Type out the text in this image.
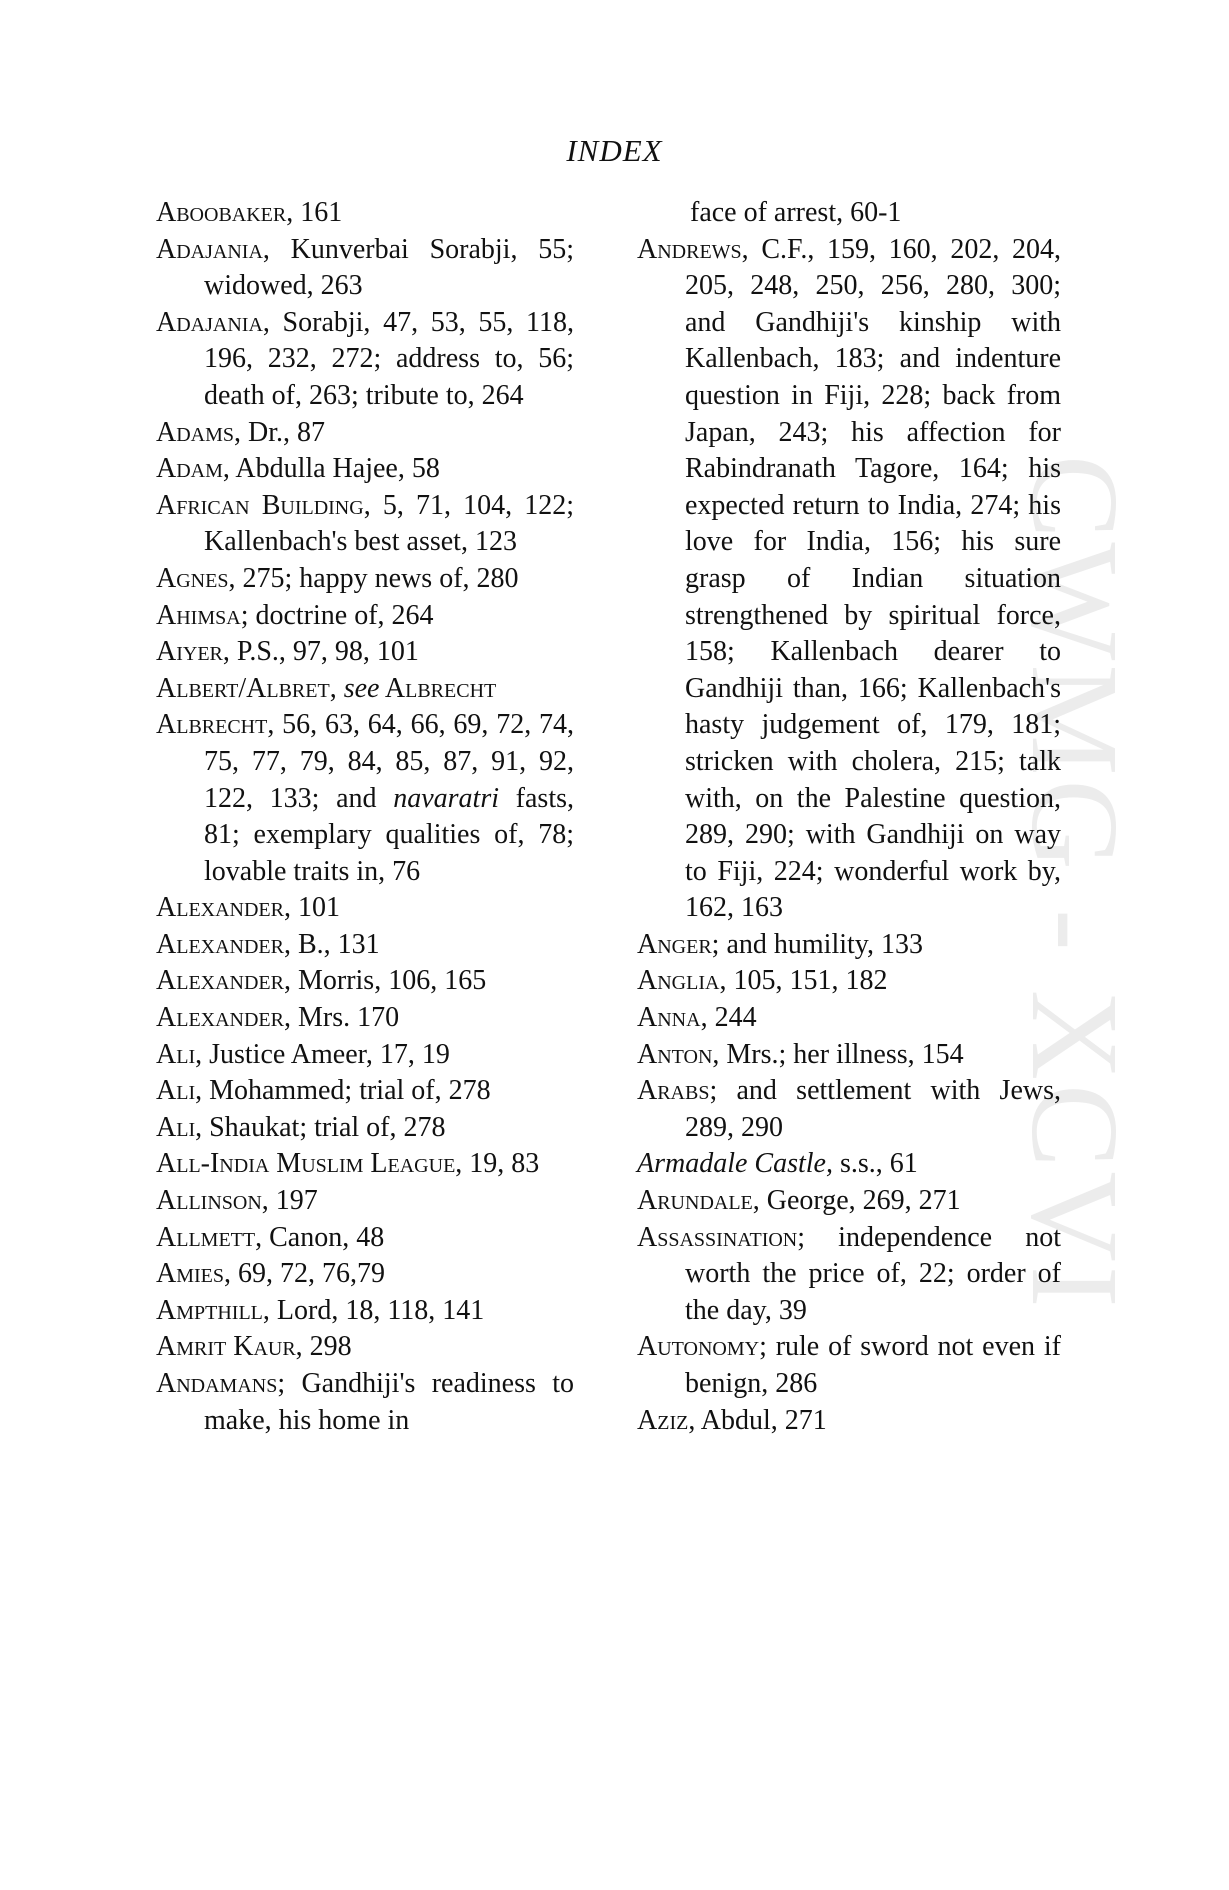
INDEX
CWMG - XCVI
Aboobaker, 161
Adajania, Kunverbai Sorabji, 55; widowed, 263
Adajania, Sorabji, 47, 53, 55, 118, 196, 232, 272; address to, 56; death of, 263; tribute to, 264
Adams, Dr., 87
Adam, Abdulla Hajee, 58
African Building, 5, 71, 104, 122; Kallenbach's best asset, 123
Agnes, 275; happy news of, 280
Ahimsa; doctrine of, 264
Aiyer, P.S., 97, 98, 101
Albert/Albret, see Albrecht
Albrecht, 56, 63, 64, 66, 69, 72, 74, 75, 77, 79, 84, 85, 87, 91, 92, 122, 133; and navaratri fasts, 81; exemplary qualities of, 78; lovable traits in, 76
Alexander, 101
Alexander, B., 131
Alexander, Morris, 106, 165
Alexander, Mrs. 170
Ali, Justice Ameer, 17, 19
Ali, Mohammed; trial of, 278
Ali, Shaukat; trial of, 278
All-India Muslim League, 19, 83
Allinson, 197
Allmett, Canon, 48
Amies, 69, 72, 76,79
Ampthill, Lord, 18, 118, 141
Amrit Kaur, 298
Andamans; Gandhiji's readiness to make, his home in
face of arrest, 60-1
Andrews, C.F., 159, 160, 202, 204, 205, 248, 250, 256, 280, 300; and Gandhiji's kinship with Kallenbach, 183; and indenture question in Fiji, 228; back from Japan, 243; his affection for Rabindranath Tagore, 164; his expected return to India, 274; his love for India, 156; his sure grasp of Indian situation strengthened by spiritual force, 158; Kallenbach dearer to Gandhiji than, 166; Kallenbach's hasty judgement of, 179, 181; stricken with cholera, 215; talk with, on the Palestine question, 289, 290; with Gandhiji on way to Fiji, 224; wonderful work by, 162, 163
Anger; and humility, 133
Anglia, 105, 151, 182
Anna, 244
Anton, Mrs.; her illness, 154
Arabs; and settlement with Jews, 289, 290
Armadale Castle, s.s., 61
Arundale, George, 269, 271
Assassination; independence not worth the price of, 22; order of the day, 39
Autonomy; rule of sword not even if benign, 286
Aziz, Abdul, 271
